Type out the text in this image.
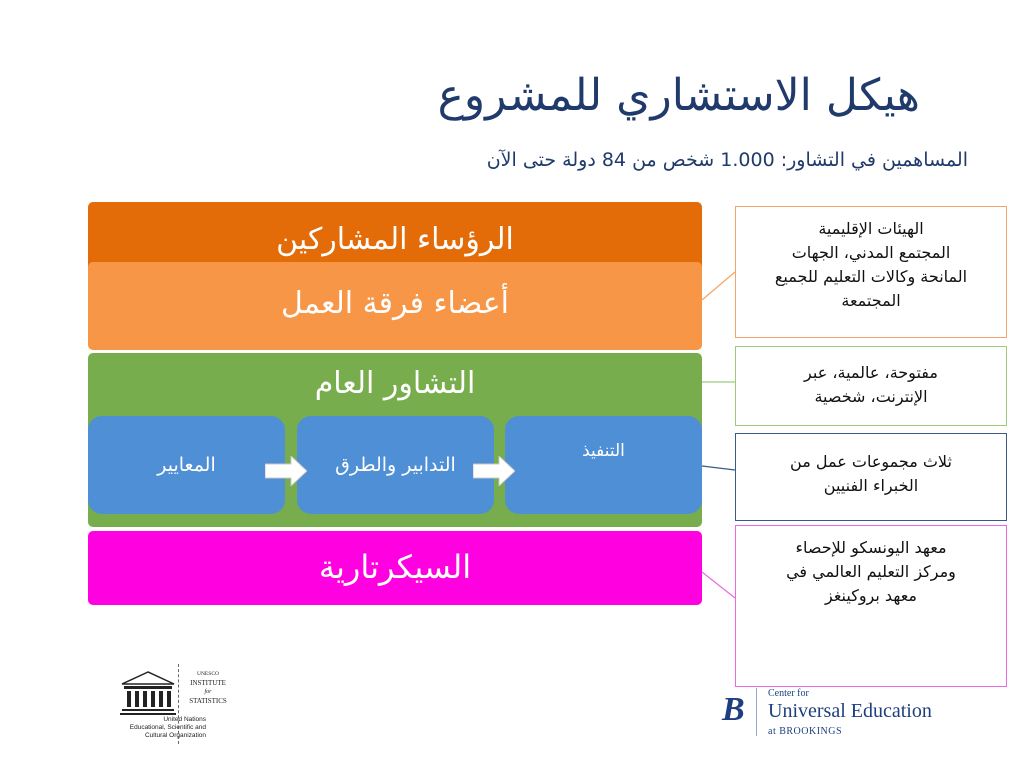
هيكل الاستشاري للمشروع
المساهمين في التشاور: 1.000 شخص من 84 دولة حتى الآن
الرؤساء المشاركين
أعضاء فرقة العمل
التشاور العام
المعايير	التدابير والطرق
التنفيذ
السيكرتارية
الهيئات الإقليمية
المجتمع المدني، الجهات
المانحة وكالات التعليم للجميع
المجتمعة
مفتوحة، عالمية، عبر
الإنترنت، شخصية
ثلاث مجموعات عمل من
الخبراء الفنيين
معهد اليونسكو للإحصاء
ومركز التعليم العالمي في
معهد بروكينغز
United Nations
Educational, Scientific and
Cultural Organization
UNESCO
INSTITUTE
for
STATISTICS	B	Center for
Universal Education
at BROOKINGS
